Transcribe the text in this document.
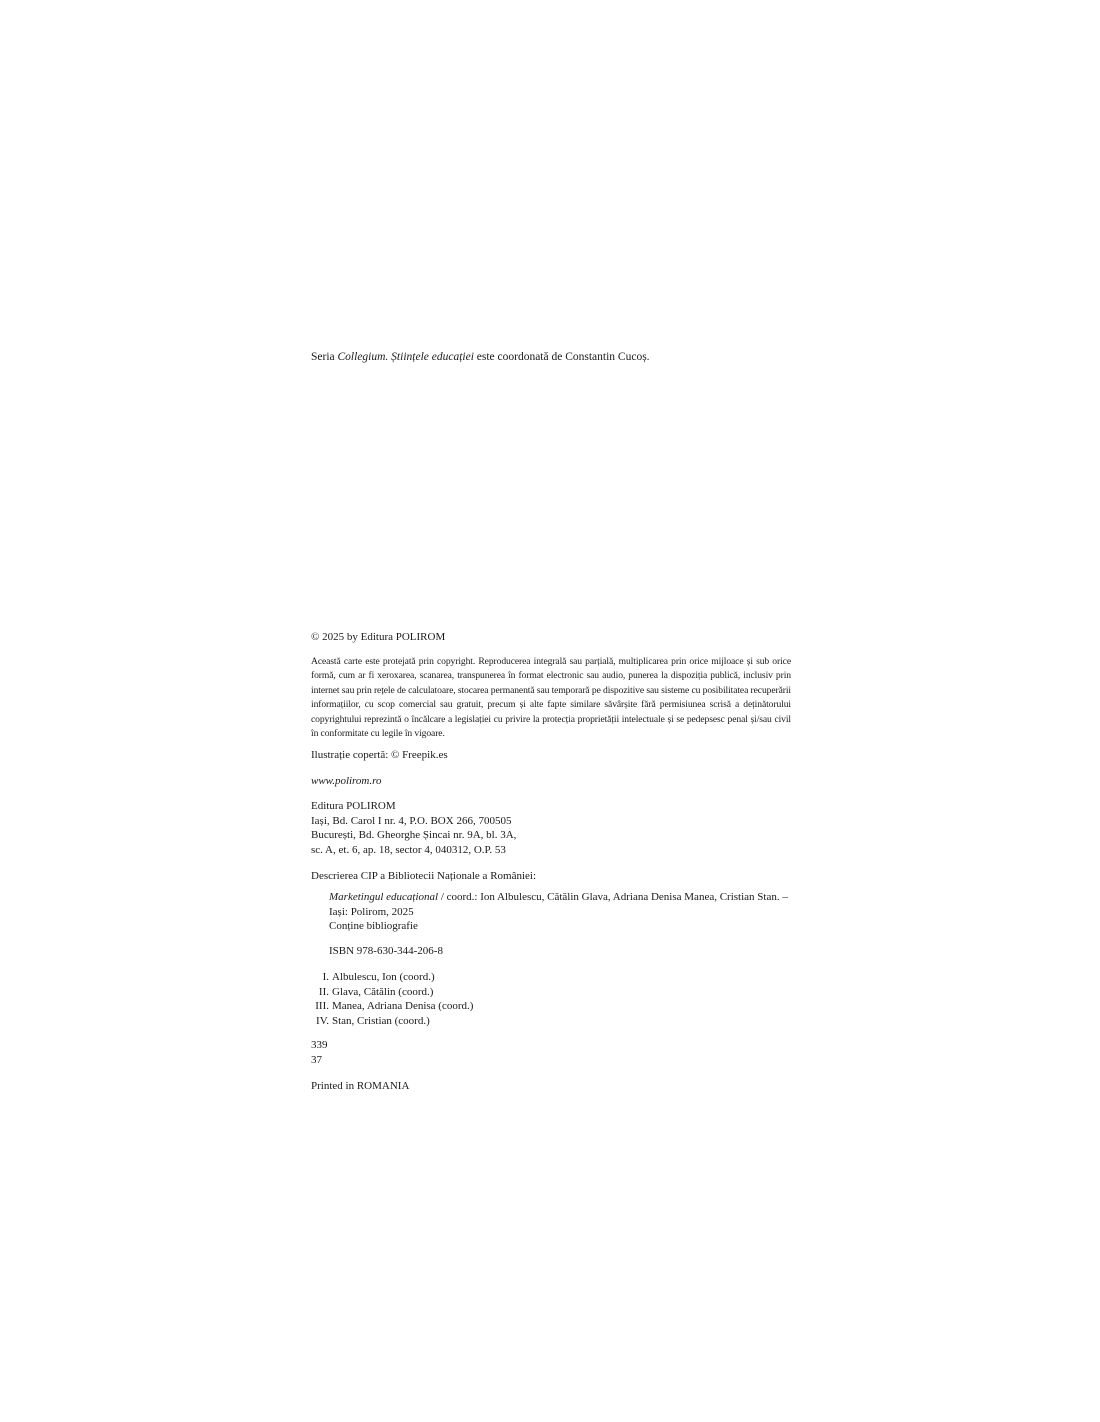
Seria Collegium. Științele educației este coordonată de Constantin Cucoș.
© 2025 by Editura POLIROM
Această carte este protejată prin copyright. Reproducerea integrală sau parțială, multiplicarea prin orice mijloace și sub orice formă, cum ar fi xeroxarea, scanarea, transpunerea în format electronic sau audio, punerea la dispoziția publică, inclusiv prin internet sau prin rețele de calculatoare, stocarea permanentă sau temporară pe dispozitive sau sisteme cu posibilitatea recuperării informațiilor, cu scop comercial sau gratuit, precum și alte fapte similare săvârșite fără permisiunea scrisă a deținătorului copyrightului reprezintă o încălcare a legislației cu privire la protecția proprietății intelectuale și se pedepsesc penal și/sau civil în conformitate cu legile în vigoare.
Ilustrație copertă: © Freepik.es
www.polirom.ro
Editura POLIROM
Iași, Bd. Carol I nr. 4, P.O. BOX 266, 700505
București, Bd. Gheorghe Șincai nr. 9A, bl. 3A,
sc. A, et. 6, ap. 18, sector 4, 040312, O.P. 53
Descrierea CIP a Bibliotecii Naționale a României:
Marketingul educațional / coord.: Ion Albulescu, Cătălin Glava, Adriana Denisa Manea, Cristian Stan. – Iași: Polirom, 2025
Conține bibliografie
ISBN 978-630-344-206-8
I. Albulescu, Ion (coord.)
II. Glava, Cătălin (coord.)
III. Manea, Adriana Denisa (coord.)
IV. Stan, Cristian (coord.)
339
37
Printed in ROMANIA
